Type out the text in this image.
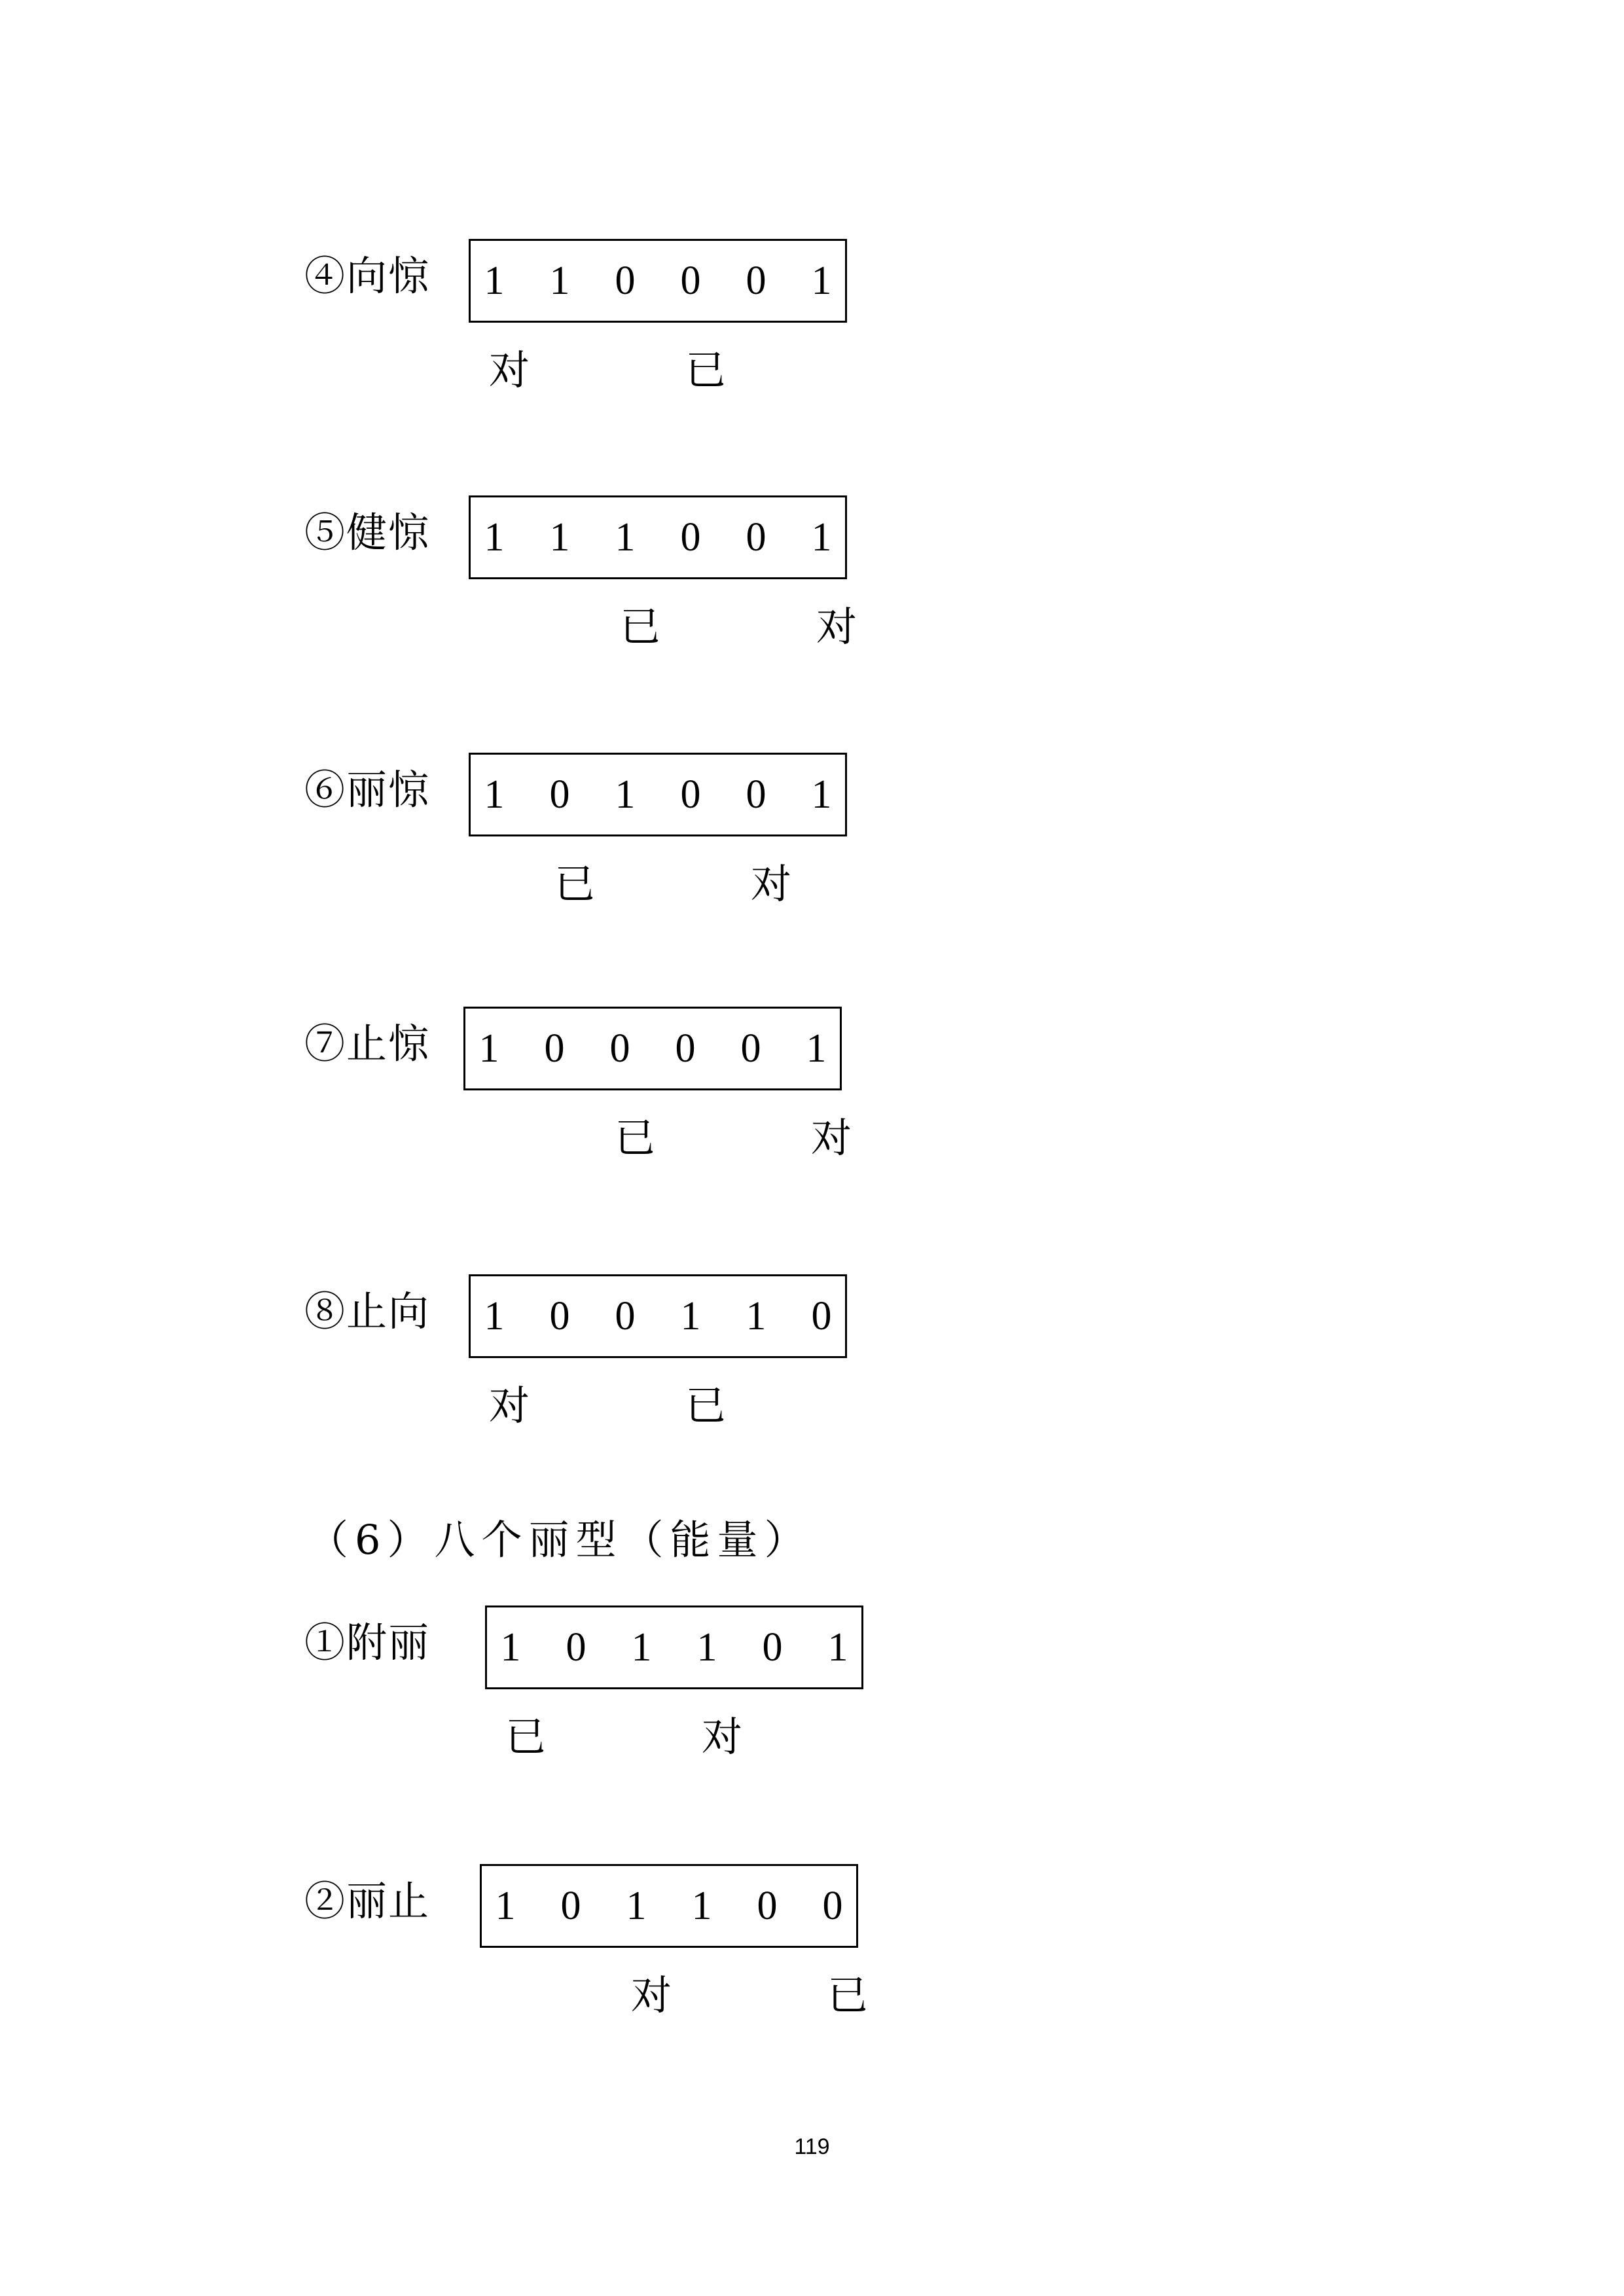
④向惊 1 1 0 0 0 1
对	已
⑤健惊 1 1 1 0 0 1
已	对
⑥丽惊 1 0 1 0 0 1
已	对
⑦止惊 1 0 0 0 0 1
已	对
⑧止向 1 0 0 1 1 0
对	已
①附丽 1 0 1 1 0 1
已	对
②丽止 1 0 1 1 0 0
对	已
（6）八个丽型（能量）
119
